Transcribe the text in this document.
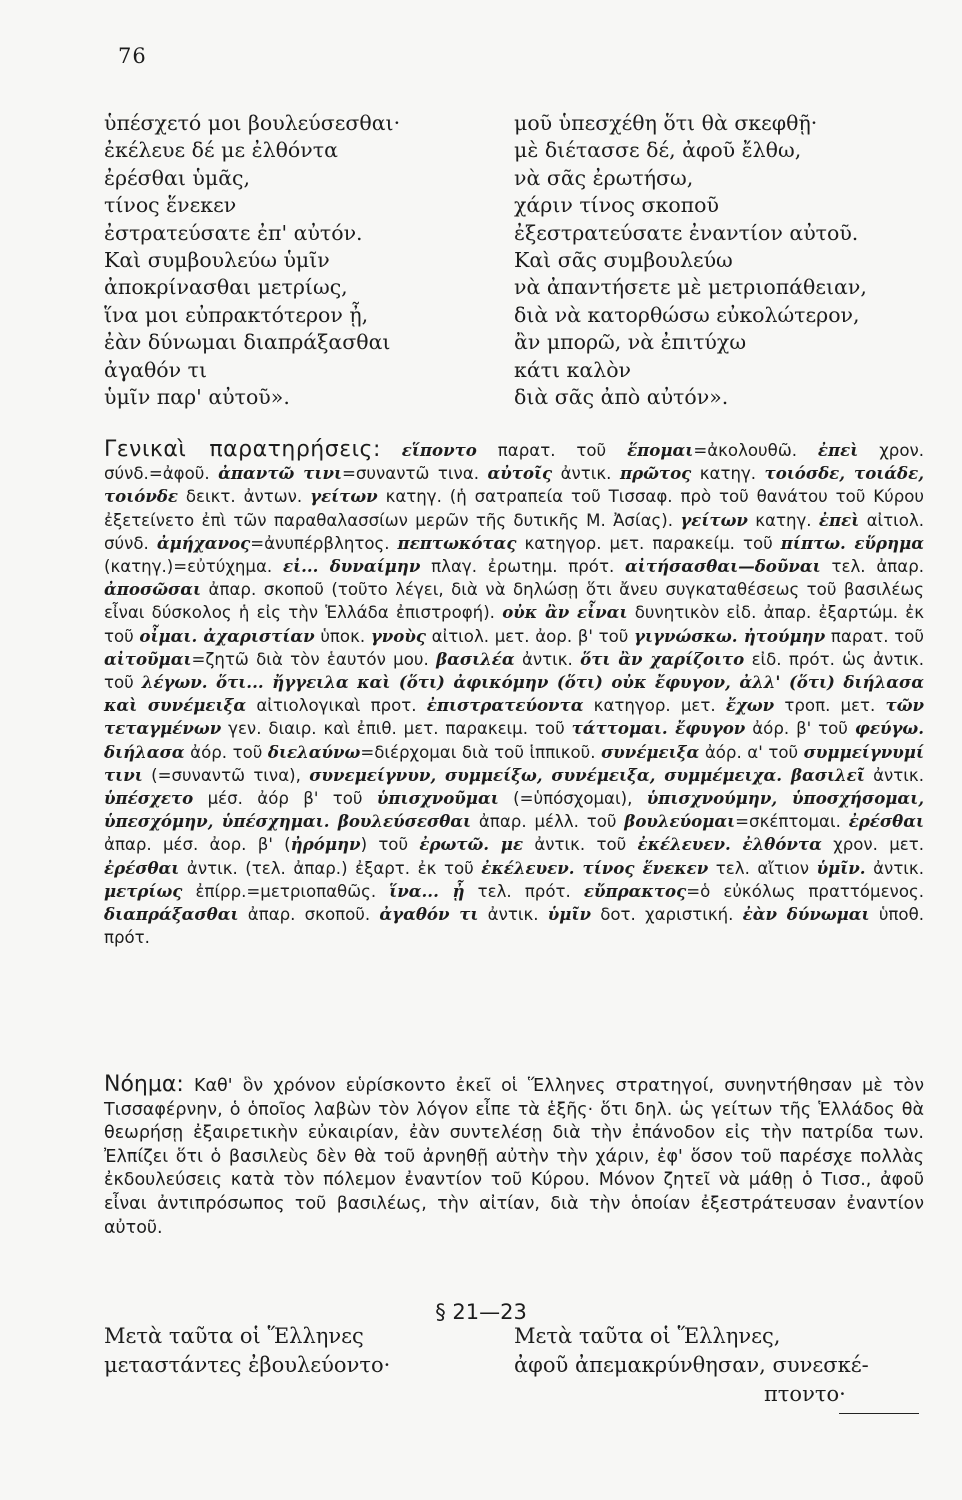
76
ὑπέσχετό μοι βουλεύσεσθαι·
ἐκέλευε δέ με ἐλθόντα
ἐρέσθαι ὑμᾶς,
τίνος ἕνεκεν
ἐστρατεύσατε ἐπ' αὐτόν.
Καὶ συμβουλεύω ὑμῖν
ἀποκρίνασθαι μετρίως,
ἵνα μοι εὐπρακτότερον ᾖ,
ἐὰν δύνωμαι διαπράξασθαι
ἀγαθόν τι
ὑμῖν παρ' αὐτοῦ».
μοῦ ὑπεσχέθη ὅτι θὰ σκεφθῇ·
μὲ διέτασσε δέ, ἀφοῦ ἔλθω,
νὰ σᾶς ἐρωτήσω,
χάριν τίνος σκοποῦ
ἐξεστρατεύσατε ἐναντίον αὐτοῦ.
Καὶ σᾶς συμβουλεύω
νὰ ἀπαντήσετε μὲ μετριοπάθειαν,
διὰ νὰ κατορθώσω εὐκολώτερον,
ἂν μπορῶ, νὰ ἐπιτύχω
κάτι καλὸν
διὰ σᾶς ἀπὸ αὐτόν».
Γενικαὶ παρατηρήσεις: εἵποντο παρατ. τοῦ ἕπομαι=ἀκολουθῶ. ἐπεὶ χρον. σύνδ.=ἀφοῦ. ἀπαντῶ τινι=συναντῶ τινα. αὐτοῖς ἀντικ. πρῶτος κατηγ. τοιόσδε, τοιάδε, τοιόνδε δεικτ. ἀντων. γείτων κατηγ. (ἡ σατραπεία τοῦ Τισσαφ. πρὸ τοῦ θανάτου τοῦ Κύρου ἐξετείνετο ἐπὶ τῶν παραθαλασσίων μερῶν τῆς δυτικῆς Μ. Ἀσίας). γείτων κατηγ. ἐπεὶ αἰτιολ. σύνδ. ἀμήχανος=ἀνυπέρβλητος. πεπτωκότας κατηγορ. μετ. παρακείμ. τοῦ πίπτω. εὕρημα (κατηγ.)=εὐτύχημα. εἰ... δυναίμην πλαγ. ἐρωτημ. πρότ. αἰτήσασθαι—δοῦναι τελ. ἀπαρ. ἀποσῶσαι ἀπαρ. σκοποῦ (τοῦτο λέγει, διὰ νὰ δηλώσῃ ὅτι ἄνευ συγκαταθέσεως τοῦ βασιλέως εἶναι δύσκολος ἡ εἰς τὴν Ἑλλάδα ἐπιστροφή). οὐκ ἂν εἶναι δυνητικὸν εἰδ. ἀπαρ. ἐξαρτώμ. ἐκ τοῦ οἶμαι. ἀχαριστίαν ὑποκ. γνοὺς αἰτιολ. μετ. ἀορ. β' τοῦ γιγνώσκω. ἠτούμην παρατ. τοῦ αἰτοῦμαι=ζητῶ διὰ τὸν ἑαυτόν μου. βασιλέα ἀντικ. ὅτι ἂν χαρίζοιτο εἰδ. πρότ. ὡς ἀντικ. τοῦ λέγων. ὅτι... ἤγγειλα καὶ (ὅτι) ἀφικόμην (ὅτι) οὐκ ἔφυγον, ἀλλ' (ὅτι) διήλασα καὶ συνέμειξα αἰτιολογικαὶ προτ. ἐπιστρατεύοντα κατηγορ. μετ. ἔχων τροπ. μετ. τῶν τεταγμένων γεν. διαιρ. καὶ ἐπιθ. μετ. παρακειμ. τοῦ τάττομαι. ἔφυγον ἀόρ. β' τοῦ φεύγω. διήλασα ἀόρ. τοῦ διελαύνω=διέρχομαι διὰ τοῦ ἱππικοῦ. συνέμειξα ἀόρ. α' τοῦ συμμείγνυμί τινι (=συναντῶ τινα), συνεμείγνυν, συμμείξω, συνέμειξα, συμμέμειχα. βασιλεῖ ἀντικ. ὑπέσχετο μέσ. ἀόρ β' τοῦ ὑπισχνοῦμαι (=ὑπόσχομαι), ὑπισχνούμην, ὑποσχήσομαι, ὑπεσχόμην, ὑπέσχημαι. βουλεύσεσθαι ἀπαρ. μέλλ. τοῦ βουλεύομαι=σκέπτομαι. ἐρέσθαι ἀπαρ. μέσ. ἀορ. β' (ἠρόμην) τοῦ ἐρωτῶ. με ἀντικ. τοῦ ἐκέλευεν. ἐλθόντα χρον. μετ. ἐρέσθαι ἀντικ. (τελ. ἀπαρ.) ἐξαρτ. ἐκ τοῦ ἐκέλευεν. τίνος ἕνεκεν τελ. αἴτιον ὑμῖν. ἀντικ. μετρίως ἐπίρρ.=μετριοπαθῶς. ἵνα... ᾖ τελ. πρότ. εὔπρακτος=ὁ εὐκόλως πραττόμενος. διαπράξασθαι ἀπαρ. σκοποῦ. ἀγαθόν τι ἀντικ. ὑμῖν δοτ. χαριστική. ἐὰν δύνωμαι ὑποθ. πρότ.
Νόημα: Καθ' ὃν χρόνον εὑρίσκοντο ἐκεῖ οἱ Ἕλληνες στρατηγοί, συνηντήθησαν μὲ τὸν Τισσαφέρνην, ὁ ὁποῖος λαβὼν τὸν λόγον εἶπε τὰ ἑξῆς· ὅτι δηλ. ὡς γείτων τῆς Ἑλλάδος θὰ θεωρήσῃ ἐξαιρετικὴν εὐκαιρίαν, ἐὰν συντελέσῃ διὰ τὴν ἐπάνοδον εἰς τὴν πατρίδα των. Ἐλπίζει ὅτι ὁ βασιλεὺς δὲν θὰ τοῦ ἀρνηθῇ αὐτὴν τὴν χάριν, ἐφ' ὅσον τοῦ παρέσχε πολλὰς ἐκδουλεύσεις κατὰ τὸν πόλεμον ἐναντίον τοῦ Κύρου. Μόνον ζητεῖ νὰ μάθῃ ὁ Τισσ., ἀφοῦ εἶναι ἀντιπρόσωπος τοῦ βασιλέως, τὴν αἰτίαν, διὰ τὴν ὁποίαν ἐξεστράτευσαν ἐναντίον αὐτοῦ.
§ 21—23
Μετὰ ταῦτα οἱ Ἕλληνες
μεταστάντες ἐβουλεύοντο·
Μετὰ ταῦτα οἱ Ἕλληνες,
ἀφοῦ ἀπεμακρύνθησαν, συνεσκέ-
πτοντο·
